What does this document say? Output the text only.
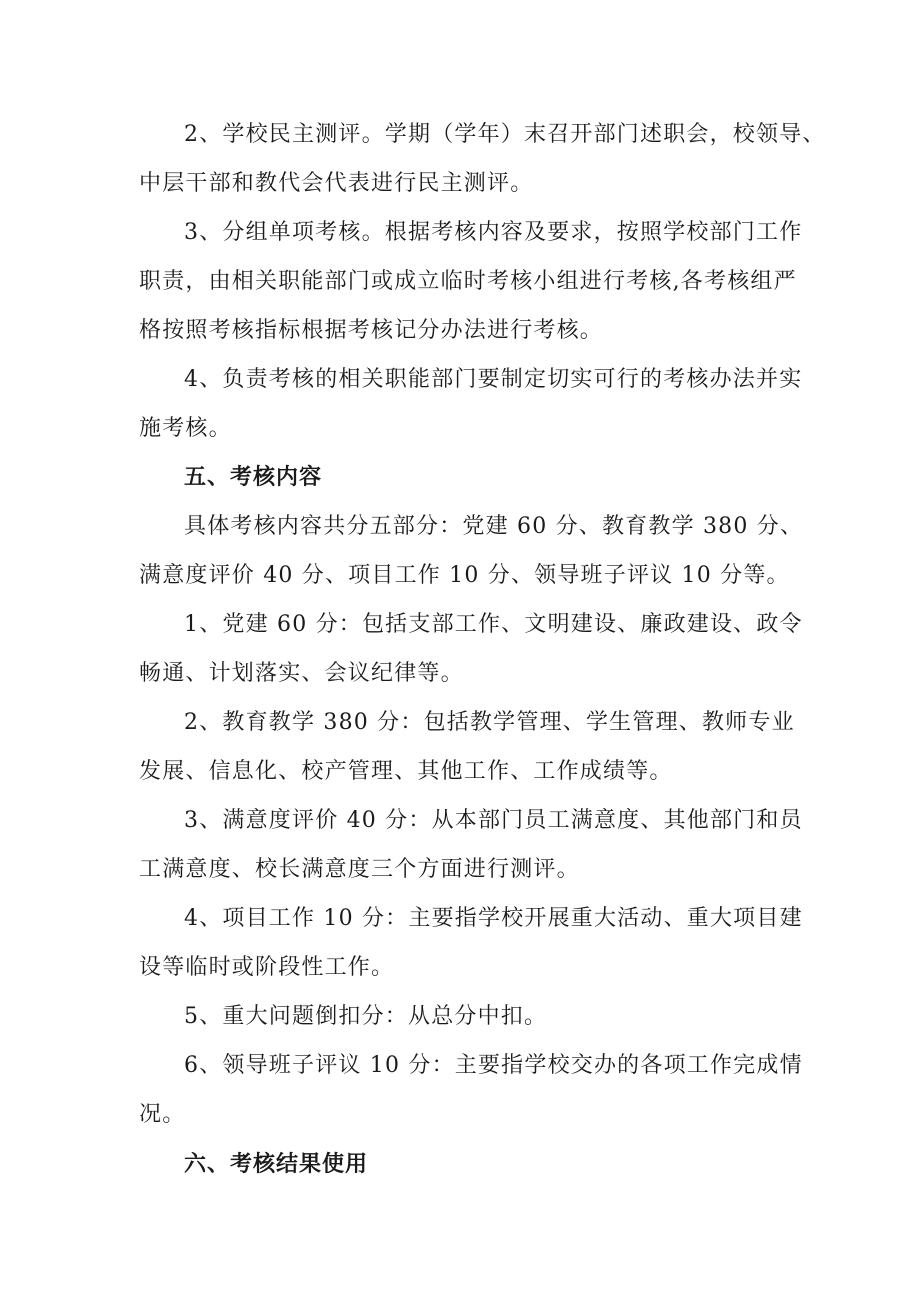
2、学校民主测评。学期（学年）末召开部门述职会，校领导、

中层干部和教代会代表进行民主测评。

3、分组单项考核。根据考核内容及要求，按照学校部门工作

职责，由相关职能部门或成立临时考核小组进行考核,各考核组严

格按照考核指标根据考核记分办法进行考核。

4、负责考核的相关职能部门要制定切实可行的考核办法并实

施考核。

五、考核内容

具体考核内容共分五部分：党建 60 分、教育教学 380 分、

满意度评价 40 分、项目工作 10 分、领导班子评议 10 分等。

1、党建 60 分：包括支部工作、文明建设、廉政建设、政令

畅通、计划落实、会议纪律等。

2、教育教学 380 分：包括教学管理、学生管理、教师专业

发展、信息化、校产管理、其他工作、工作成绩等。

3、满意度评价 40 分：从本部门员工满意度、其他部门和员

工满意度、校长满意度三个方面进行测评。

4、项目工作 10 分：主要指学校开展重大活动、重大项目建

设等临时或阶段性工作。

5、重大问题倒扣分：从总分中扣。

6、领导班子评议 10 分：主要指学校交办的各项工作完成情

况。

六、考核结果使用
